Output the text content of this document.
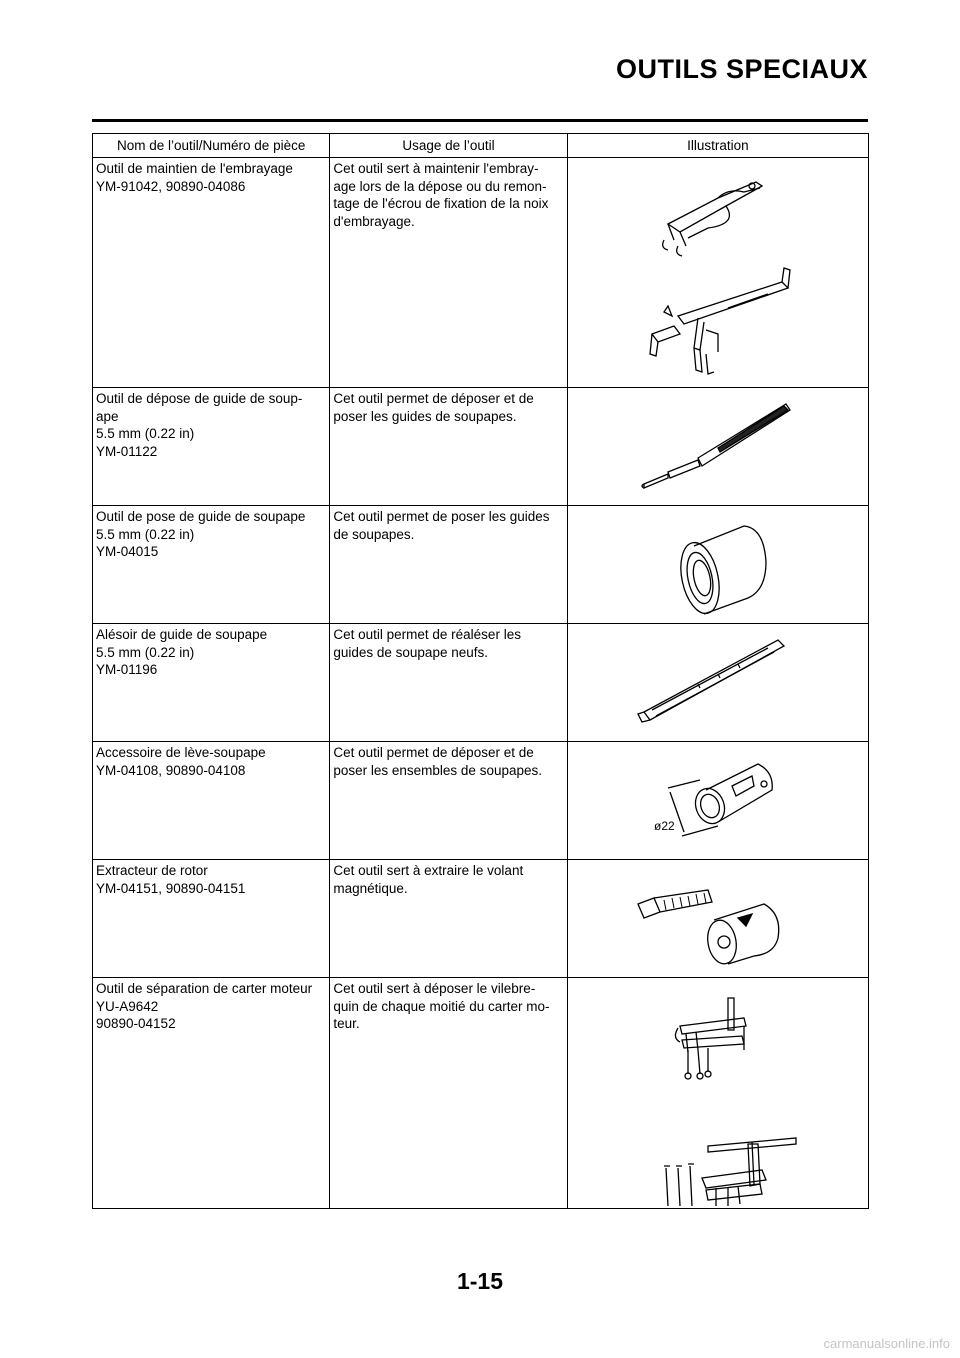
OUTILS SPECIAUX
Nom de l’outil/Numéro de pièce	Usage de l’outil	Illustration

Outil de maintien de l'embrayage
YM-91042, 90890-04086	Cet outil sert à maintenir l'embray-
age lors de la dépose ou du remon-
tage de l'écrou de fixation de la noix
d'embrayage.

Outil de dépose de guide de soup-
ape
5.5 mm (0.22 in)
YM-01122	Cet outil permet de déposer et de
poser les guides de soupapes.

Outil de pose de guide de soupape
5.5 mm (0.22 in)
YM-04015	Cet outil permet de poser les guides
de soupapes.

Alésoir de guide de soupape
5.5 mm (0.22 in)
YM-01196	Cet outil permet de réaléser les
guides de soupape neufs.

Accessoire de lève-soupape
YM-04108, 90890-04108	Cet outil permet de déposer et de
poser les ensembles de soupapes.	ø22

Extracteur de rotor
YM-04151, 90890-04151	Cet outil sert à extraire le volant
magnétique.

Outil de séparation de carter moteur
YU-A9642
90890-04152	Cet outil sert à déposer le vilebre-
quin de chaque moitié du carter mo-
teur.

1-15
carmanualsonline.info
